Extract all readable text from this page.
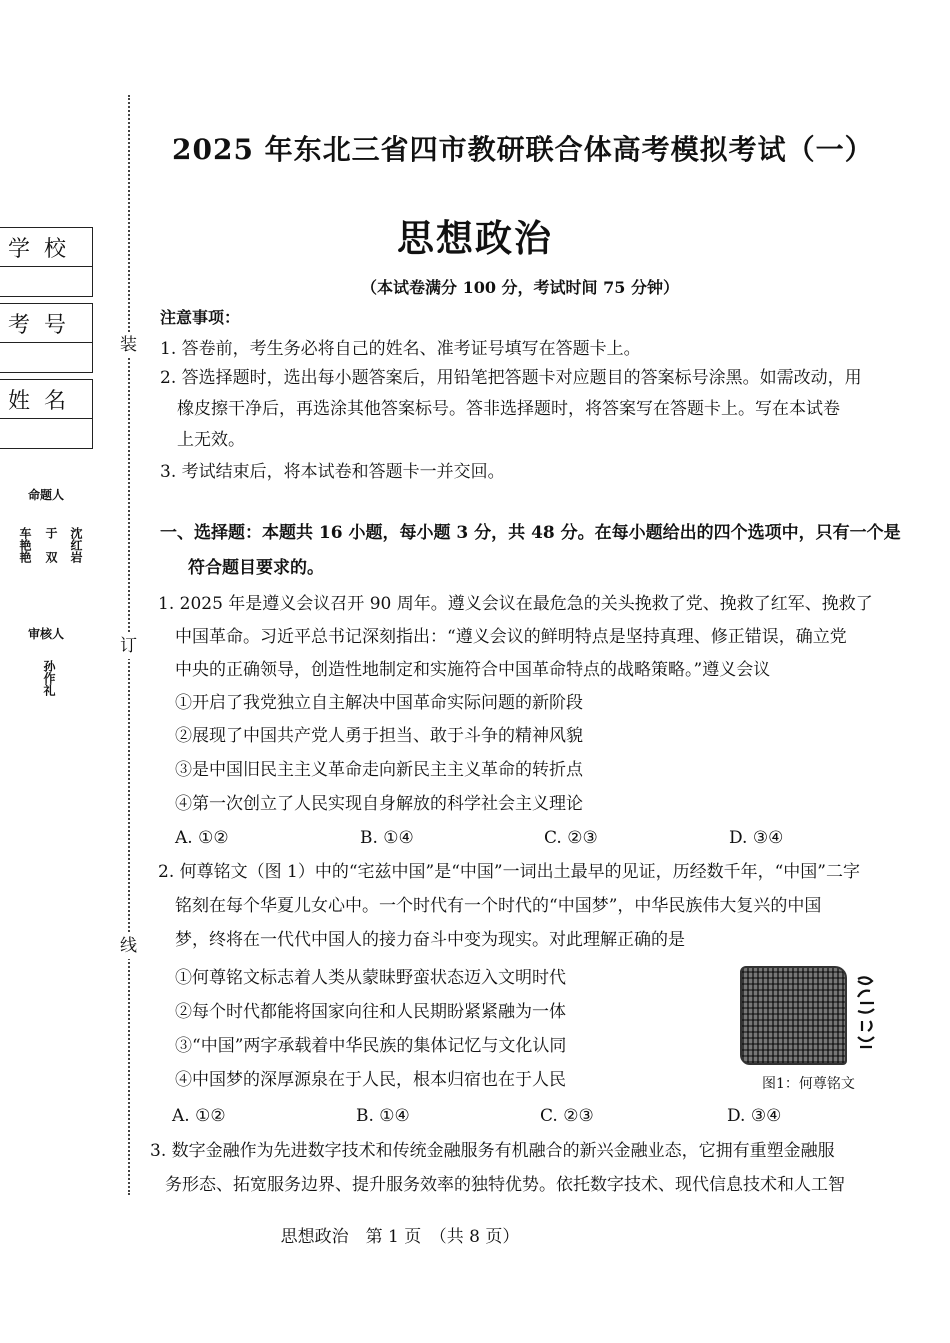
装
订
线
学校
考号
姓名
命题人
车艳艳 于　双 沈红岩
审核人
孙作礼
2025 年东北三省四市教研联合体高考模拟考试（一）
思想政治
（本试卷满分 100 分，考试时间 75 分钟）
注意事项：
1. 答卷前，考生务必将自己的姓名、准考证号填写在答题卡上。
2. 答选择题时，选出每小题答案后，用铅笔把答题卡对应题目的答案标号涂黑。如需改动，用
橡皮擦干净后，再选涂其他答案标号。答非选择题时，将答案写在答题卡上。写在本试卷
上无效。
3. 考试结束后，将本试卷和答题卡一并交回。
一、选择题：本题共 16 小题，每小题 3 分，共 48 分。在每小题给出的四个选项中，只有一个是
符合题目要求的。
1. 2025 年是遵义会议召开 90 周年。遵义会议在最危急的关头挽救了党、挽救了红军、挽救了
中国革命。习近平总书记深刻指出：“遵义会议的鲜明特点是坚持真理、修正错误，确立党
中央的正确领导，创造性地制定和实施符合中国革命特点的战略策略。”遵义会议
①开启了我党独立自主解决中国革命实际问题的新阶段
②展现了中国共产党人勇于担当、敢于斗争的精神风貌
③是中国旧民主主义革命走向新民主主义革命的转折点
④第一次创立了人民实现自身解放的科学社会主义理论
A. ①②	B. ①④	C. ②③	D. ③④
2. 何尊铭文（图 1）中的“宅兹中国”是“中国”一词出土最早的见证，历经数千年，“中国”二字
铭刻在每个华夏儿女心中。一个时代有一个时代的“中国梦”，中华民族伟大复兴的中国
梦，终将在一代代中国人的接力奋斗中变为现实。对此理解正确的是
①何尊铭文标志着人类从蒙昧野蛮状态迈入文明时代
②每个时代都能将国家向往和人民期盼紧紧融为一体
③“中国”两字承载着中华民族的集体记忆与文化认同
④中国梦的深厚源泉在于人民，根本归宿也在于人民	图1：何尊铭文
A. ①②	B. ①④	C. ②③	D. ③④
3. 数字金融作为先进数字技术和传统金融服务有机融合的新兴金融业态，它拥有重塑金融服
务形态、拓宽服务边界、提升服务效率的独特优势。依托数字技术、现代信息技术和人工智
思想政治　第 1 页　（共 8 页）
